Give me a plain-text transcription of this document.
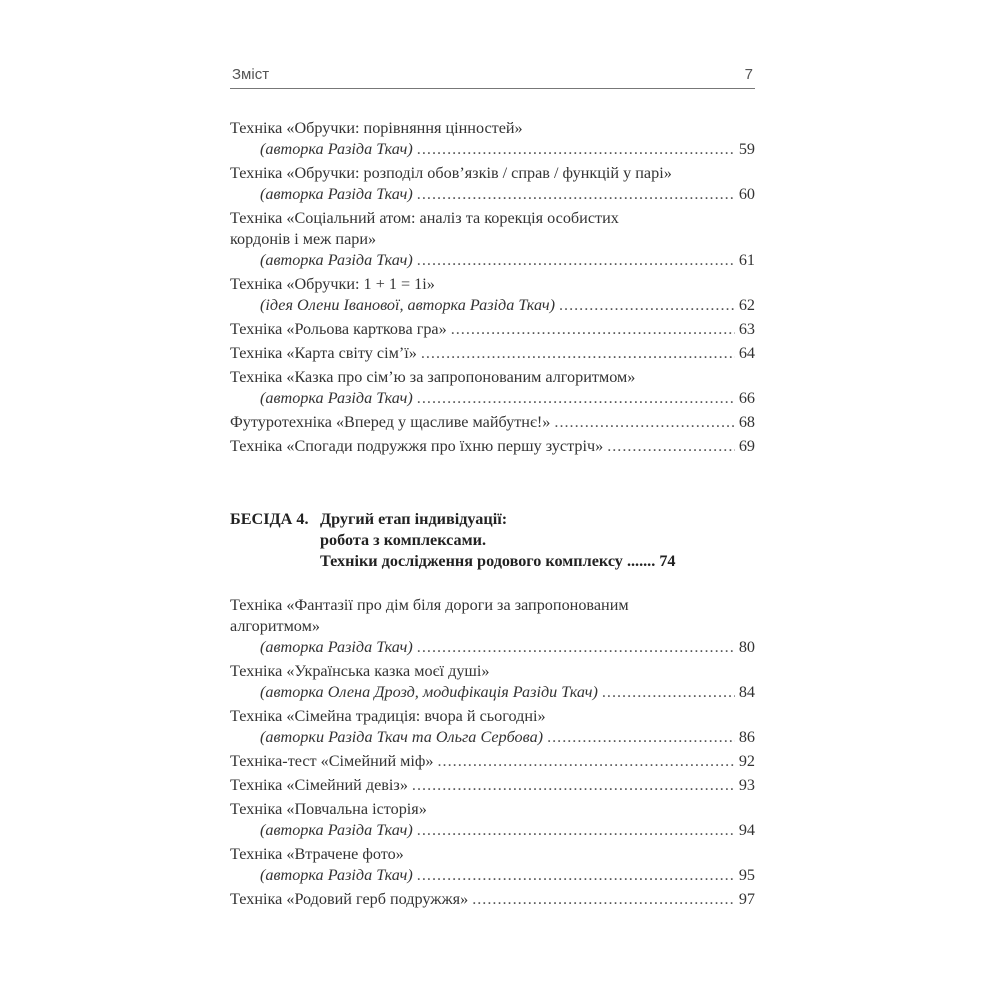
Зміст	7
Техніка «Обручки: порівняння цінностей»
(авторка Разіда Ткач) .....	59
Техніка «Обручки: розподіл обов’язків / справ / функцій у парі»
(авторка Разіда Ткач) .....	60
Техніка «Соціальний атом: аналіз та корекція особистих
кордонів і меж пари»
(авторка Разіда Ткач) .....	61
Техніка «Обручки: 1 + 1 = 1і»
(ідея Олени Іванової, авторка Разіда Ткач) .....	62
Техніка «Рольова карткова гра» .....	63
Техніка «Карта світу сім’ї» .....	64
Техніка «Казка про сім’ю за запропонованим алгоритмом»
(авторка Разіда Ткач) .....	66
Футуротехніка «Вперед у щасливе майбутнє!» .....	68
Техніка «Спогади подружжя про їхню першу зустріч» .....	69
БЕСІДА 4. Другий етап індивідуації:
робота з комплексами.
Техніки дослідження родового комплексу ....... 74
Техніка «Фантазії про дім біля дороги за запропонованим
алгоритмом»
(авторка Разіда Ткач) .....	80
Техніка «Українська казка моєї душі»
(авторка Олена Дрозд, модифікація Разіди Ткач) .....	84
Техніка «Сімейна традиція: вчора й сьогодні»
(авторки Разіда Ткач та Ольга Сербова) .....	86
Техніка-тест «Сімейний міф» .....	92
Техніка «Сімейний девіз» .....	93
Техніка «Повчальна історія»
(авторка Разіда Ткач) .....	94
Техніка «Втрачене фото»
(авторка Разіда Ткач) .....	95
Техніка «Родовий герб подружжя» .....	97
